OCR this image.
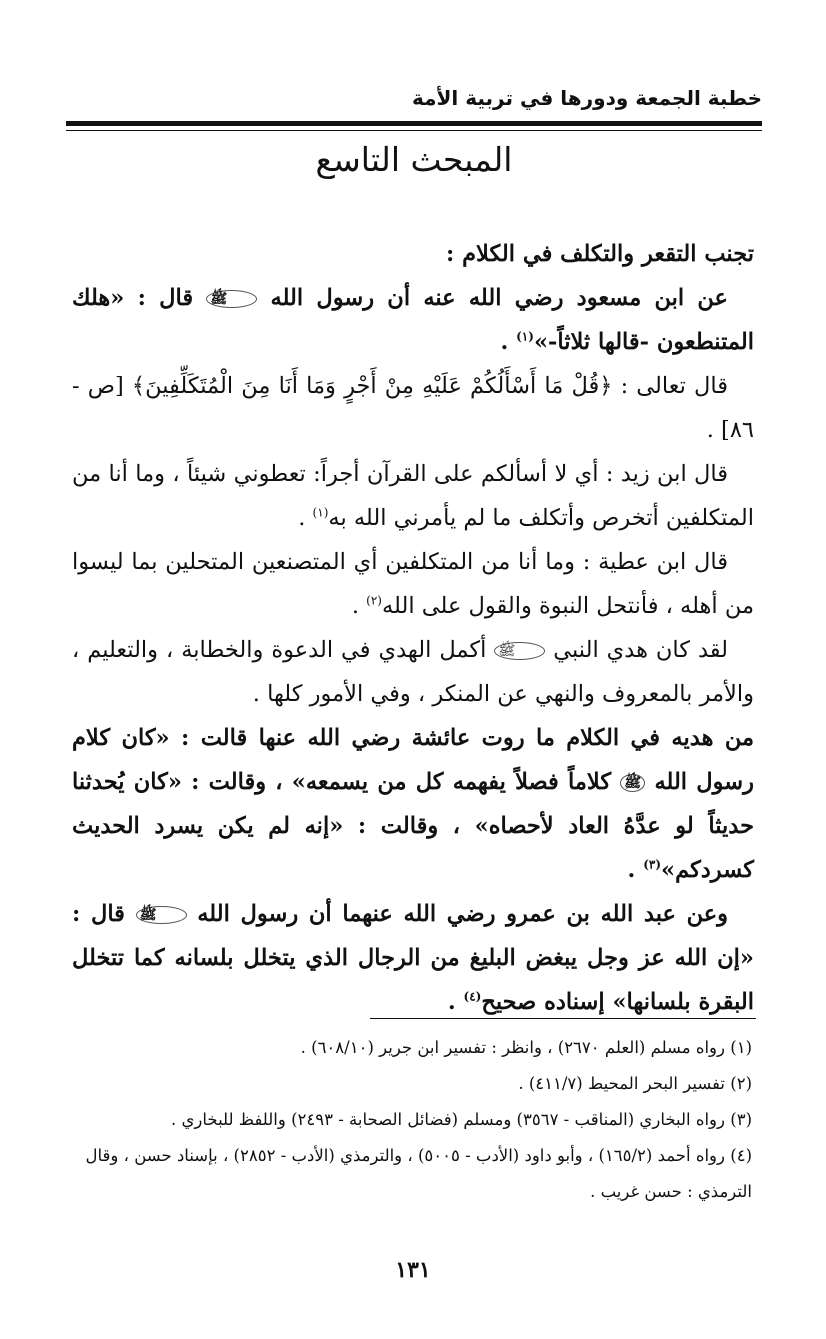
خطبة الجمعة ودورها في تربية الأمة
المبحث التاسع

تجنب التقعر والتكلف في الكلام :

عن ابن مسعود رضي الله عنه أن رسول الله ﷺ قال : «هلك المتنطعون -قالها ثلاثاً-»$^{(١)}$ .

قال تعالى : ﴿قُلْ مَا أَسْأَلُكُمْ عَلَيْهِ مِنْ أَجْرٍ وَمَا أَنَا مِنَ الْمُتَكَلِّفِينَ﴾ [ص - ٨٦] .

قال ابن زيد : أي لا أسألكم على القرآن أجراً: تعطوني شيئاً ، وما أنا من المتكلفين أتخرص وأتكلف ما لم يأمرني الله به$^{(١)}$ .

قال ابن عطية : وما أنا من المتكلفين أي المتصنعين المتحلين بما ليسوا من أهله ، فأنتحل النبوة والقول على الله$^{(٢)}$ .

لقد كان هدي النبي ﷺ أكمل الهدي في الدعوة والخطابة ، والتعليم ، والأمر بالمعروف والنهي عن المنكر ، وفي الأمور كلها .

من هديه في الكلام ما روت عائشة رضي الله عنها قالت : «كان كلام رسول الله ﷺ كلاماً فصلاً يفهمه كل من يسمعه» ، وقالت : «كان يُحدثنا حديثاً لو عدَّهُ العاد لأحصاه» ، وقالت : «إنه لم يكن يسرد الحديث كسردكم»$^{(٣)}$ .

وعن عبد الله بن عمرو رضي الله عنهما أن رسول الله ﷺ قال : «إن الله عز وجل يبغض البليغ من الرجال الذي يتخلل بلسانه كما تتخلل البقرة بلسانها» إسناده صحيح$^{(٤)}$ .

(١) رواه مسلم (العلم ٢٦٧٠) ، وانظر : تفسير ابن جرير (٦٠٨/١٠) .

(٢) تفسير البحر المحيط (٤١١/٧) .

(٣) رواه البخاري (المناقب - ٣٥٦٧) ومسلم (فضائل الصحابة - ٢٤٩٣) واللفظ للبخاري .

(٤) رواه أحمد (١٦٥/٢) ، وأبو داود (الأدب - ٥٠٠٥) ، والترمذي (الأدب - ٢٨٥٢) ، بإسناد حسن ، وقال الترمذي : حسن غريب .

١٣١
